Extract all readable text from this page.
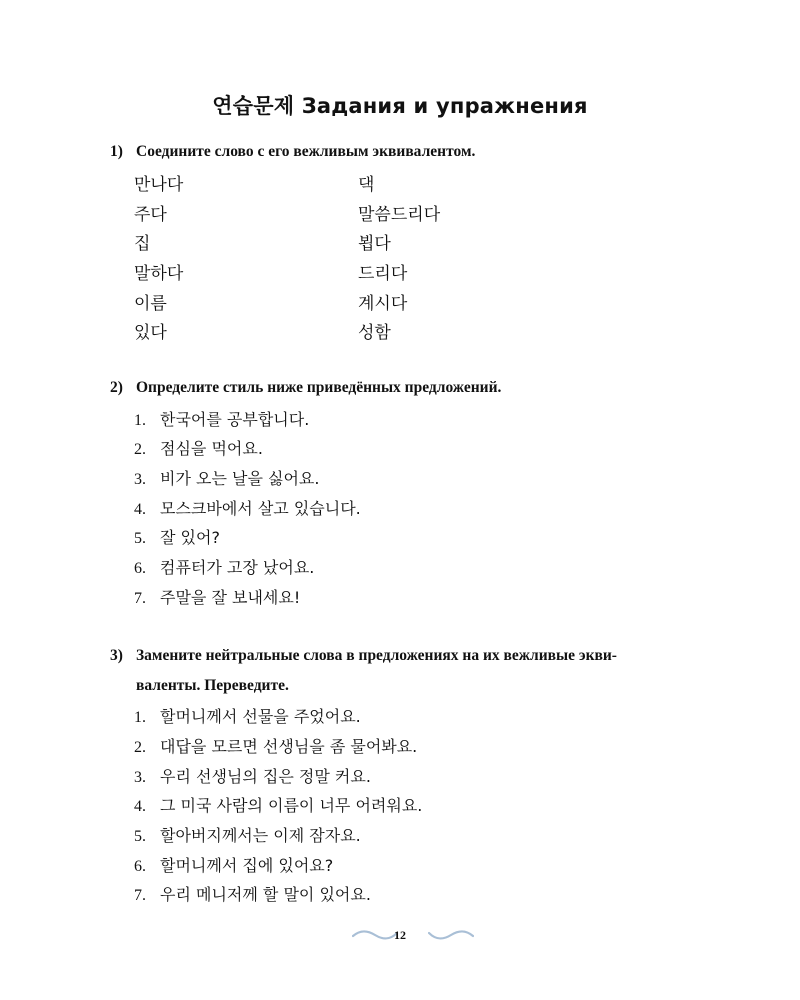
연습문제 Задания и упражнения
1) Соедините слово с его вежливым эквивалентом.
만나다
주다
집
말하다
이름
있다
댁
말씀드리다
뵙다
드리다
계시다
성함
2) Определите стиль ниже приведённых предложений.
1. 한국어를 공부합니다.
2. 점심을 먹어요.
3. 비가 오는 날을 싫어요.
4. 모스크바에서 살고 있습니다.
5. 잘 있어?
6. 컴퓨터가 고장 났어요.
7. 주말을 잘 보내세요!
3) Замените нейтральные слова в предложениях на их вежливые экви-
валенты. Переведите.
1. 할머니께서 선물을 주었어요.
2. 대답을 모르면 선생님을 좀 물어봐요.
3. 우리 선생님의 집은 정말 커요.
4. 그 미국 사람의 이름이 너무 어려워요.
5. 할아버지께서는 이제 잠자요.
6. 할머니께서 집에 있어요?
7. 우리 메니저께 할 말이 있어요.
12
